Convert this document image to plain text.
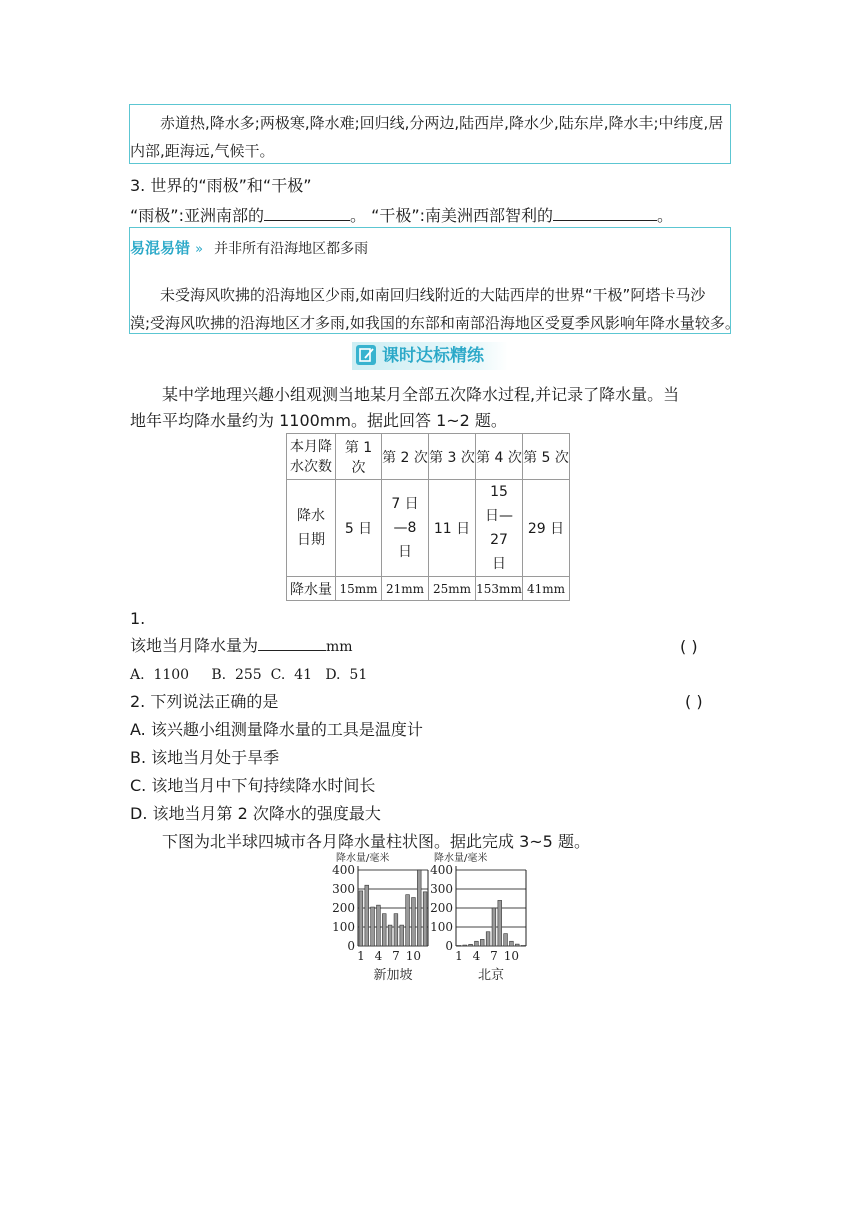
赤道热,降水多;两极寒,降水难;回归线,分两边,陆西岸,降水少,陆东岸,降水丰;中纬度,居
内部,距海远,气候干。
3. 世界的“雨极”和“干极”
“雨极”:亚洲南部的	。 “干极”:南美洲西部智利的	。
易混易错 » 并非所有沿海地区都多雨
未受海风吹拂的沿海地区少雨,如南回归线附近的大陆西岸的世界“干极”阿塔卡马沙
漠;受海风吹拂的沿海地区才多雨,如我国的东部和南部沿海地区受夏季风影响年降水量较多。
课时达标精练
某中学地理兴趣小组观测当地某月全部五次降水过程,并记录了降水量。当
地年平均降水量约为 1100mm。据此回答 1~2 题。
本月降水次数	第 1 次	第 2 次	第 3 次	第 4 次	第 5 次
降水日期	5 日	7 日—8 日	11 日	15 日—27 日	29 日
降水量	15mm	21mm	25mm	153mm	41mm
1.
该地当月降水量为	mm	( )
A.  1100     B.  255  C.  41   D.  51
2. 下列说法正确的是	( )
A. 该兴趣小组测量降水量的工具是温度计
B. 该地当月处于旱季
C. 该地当月中下旬持续降水时间长
D. 该地当月第 2 次降水的强度最大
下图为北半球四城市各月降水量柱状图。据此完成 3~5 题。
降水量/毫米
0
100
200
300
400
1 4 7 10
新加坡
降水量/毫米
0
100
200
300
400
1 4 7 10
北京
